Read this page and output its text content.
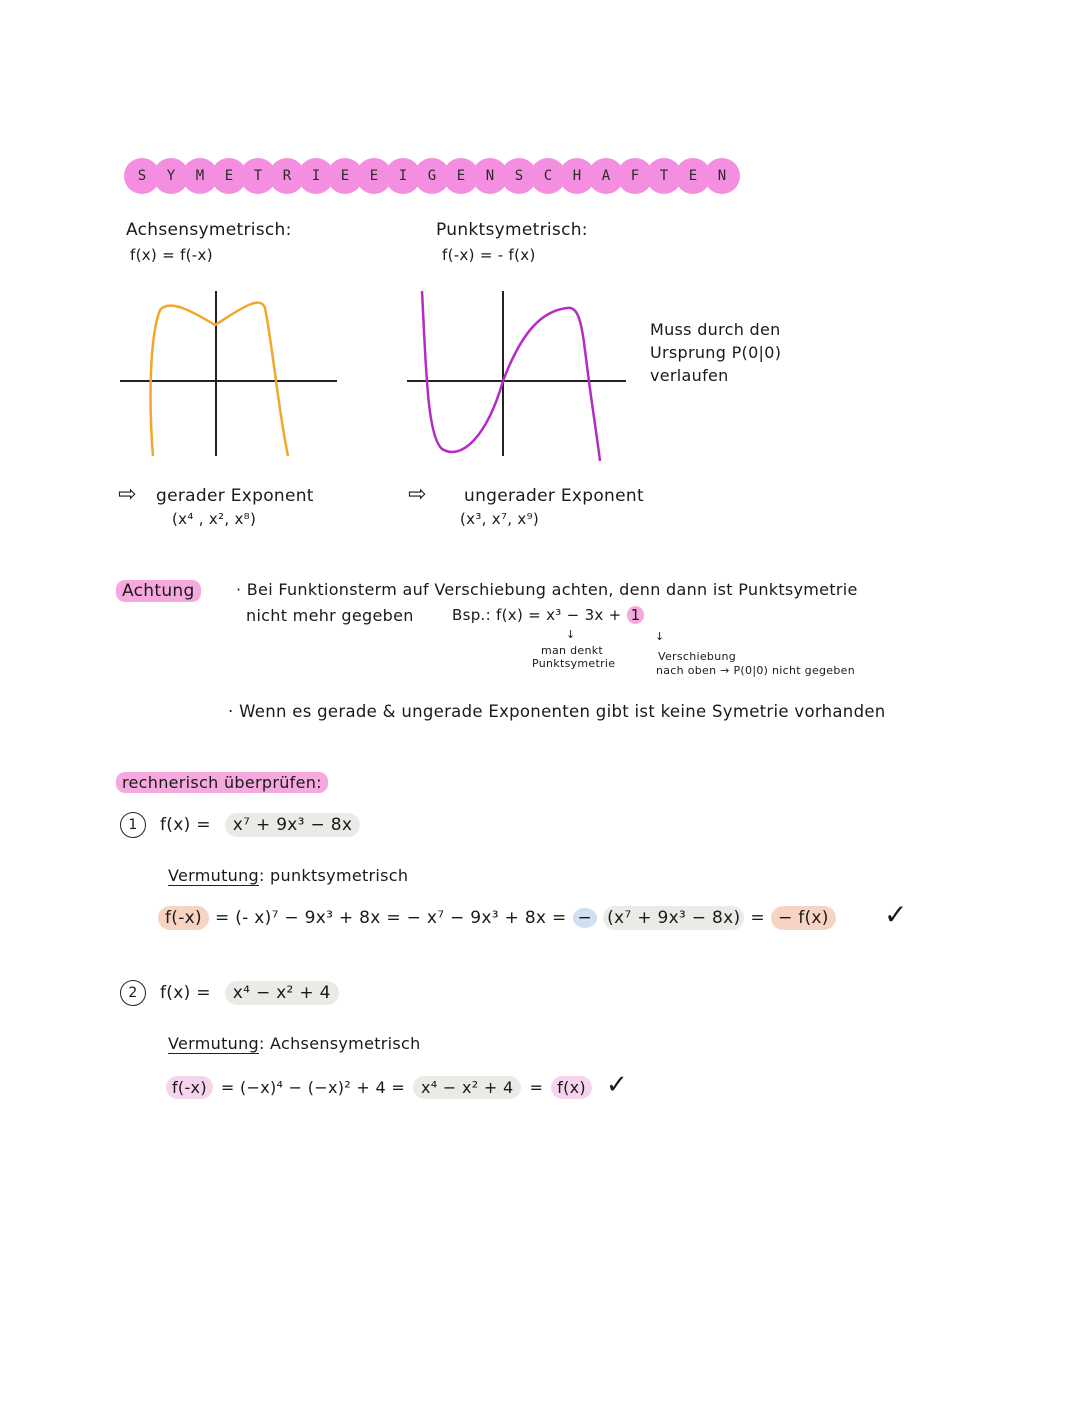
S	Y	M	E	T	R	I	E	E	I	G	E	N	S	C	H	A	F	T	E	N
Achsensymetrisch:
f(x) = f(-x)
⇨ gerader Exponent
(x⁴ , x², x⁸)
Punktsymetrisch:
f(-x) = - f(x)
⇨ ungerader Exponent
(x³, x⁷, x⁹)
Muss durch den
Ursprung P(0|0)
verlaufen
Achtung	· Bei Funktionsterm auf Verschiebung achten, denn dann ist Punktsymetrie
nicht mehr gegeben	Bsp.: f(x) = x³ − 3x + 1
↓
man denkt Punktsymetrie
↓
Verschiebung
nach oben → P(0|0) nicht gegeben
· Wenn es gerade & ungerade Exponenten gibt ist keine Symetrie vorhanden
rechnerisch überprüfen:
1	f(x) =	x⁷ + 9x³ − 8x
Vermutung: punktsymetrisch
f(-x) = (- x)⁷ − 9x³ + 8x = − x⁷ − 9x³ + 8x = − (x⁷ + 9x³ − 8x) = − f(x) ✓
2	f(x) =	x⁴ − x² + 4
Vermutung: Achsensymetrisch
f(-x) = (−x)⁴ − (−x)² + 4 =	x⁴ − x² + 4	= f(x) ✓
